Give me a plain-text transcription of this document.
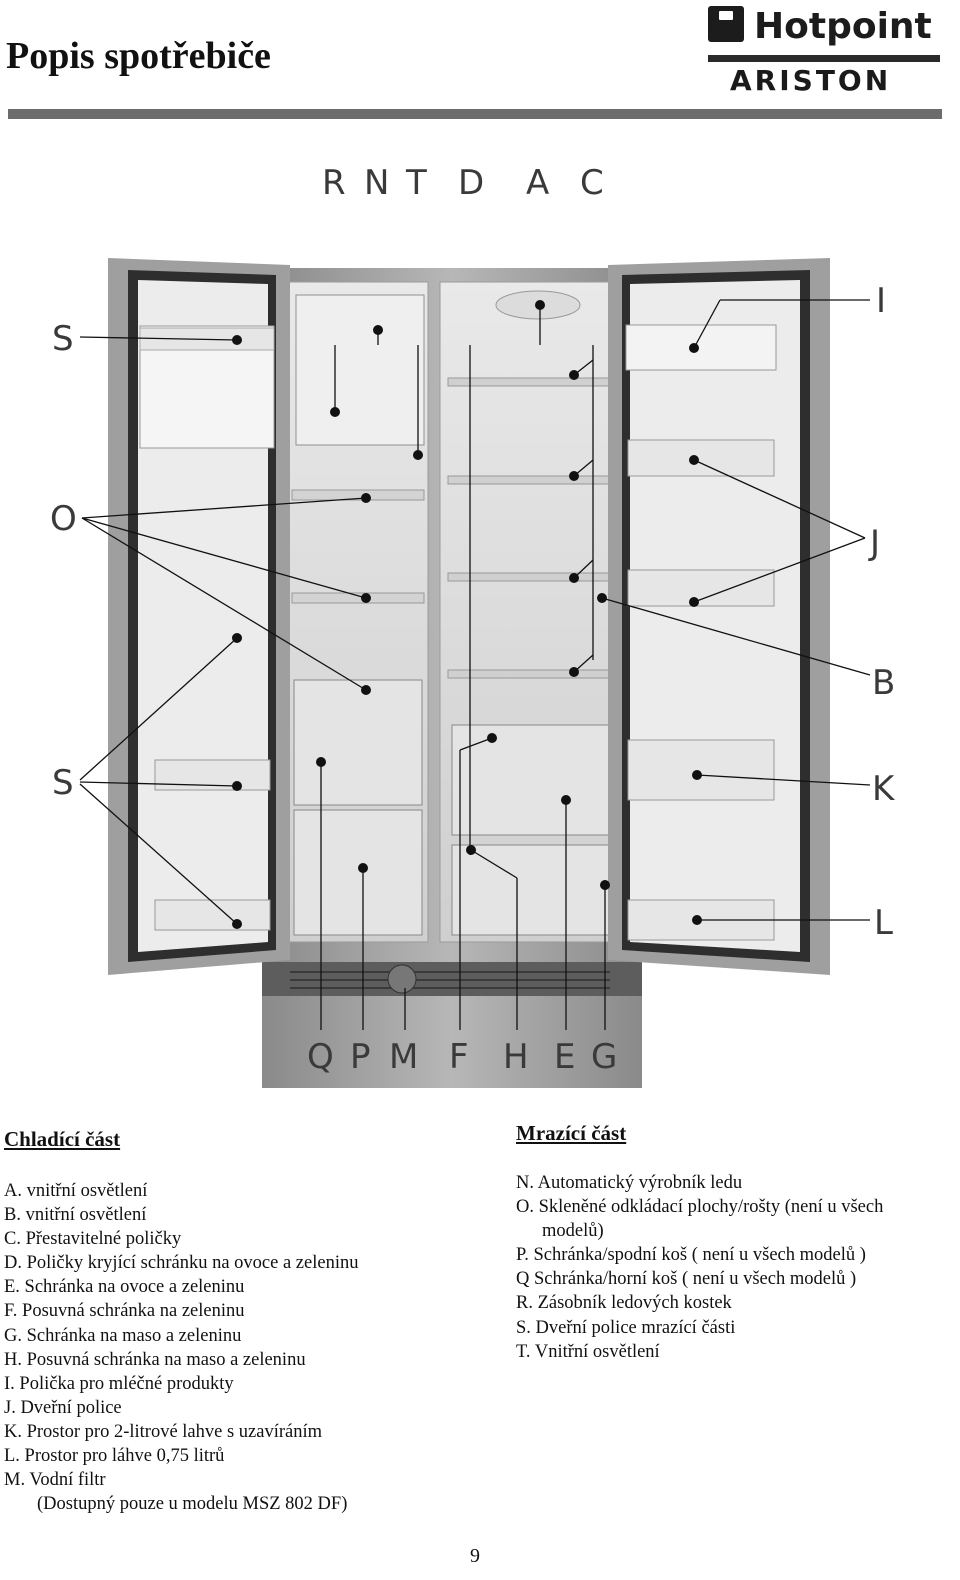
Popis spotřebiče
Hotpoint
ARISTON
R N T D A C
S
O
S
I
J
B
K
L
Q P M F H E G
Chladící část
A. vnitřní osvětlení
B. vnitřní osvětlení
C. Přestavitelné poličky
D. Poličky kryjící schránku na ovoce a zeleninu
E. Schránka na ovoce a zeleninu
F. Posuvná schránka na zeleninu
G. Schránka na maso a zeleninu
H. Posuvná schránka na maso a zeleninu
I. Polička pro mléčné produkty
J. Dveřní police
K. Prostor pro 2-litrové lahve s uzavíráním
L. Prostor pro láhve 0,75 litrů
M. Vodní filtr
(Dostupný pouze u modelu MSZ 802 DF)
Mrazící část
N. Automatický výrobník ledu
O. Skleněné odkládací plochy/rošty (není u všech
modelů)
P. Schránka/spodní koš ( není u všech modelů )
Q Schránka/horní koš ( není u všech modelů )
R. Zásobník ledových kostek
S. Dveřní police mrazící části
T. Vnitřní osvětlení
9
